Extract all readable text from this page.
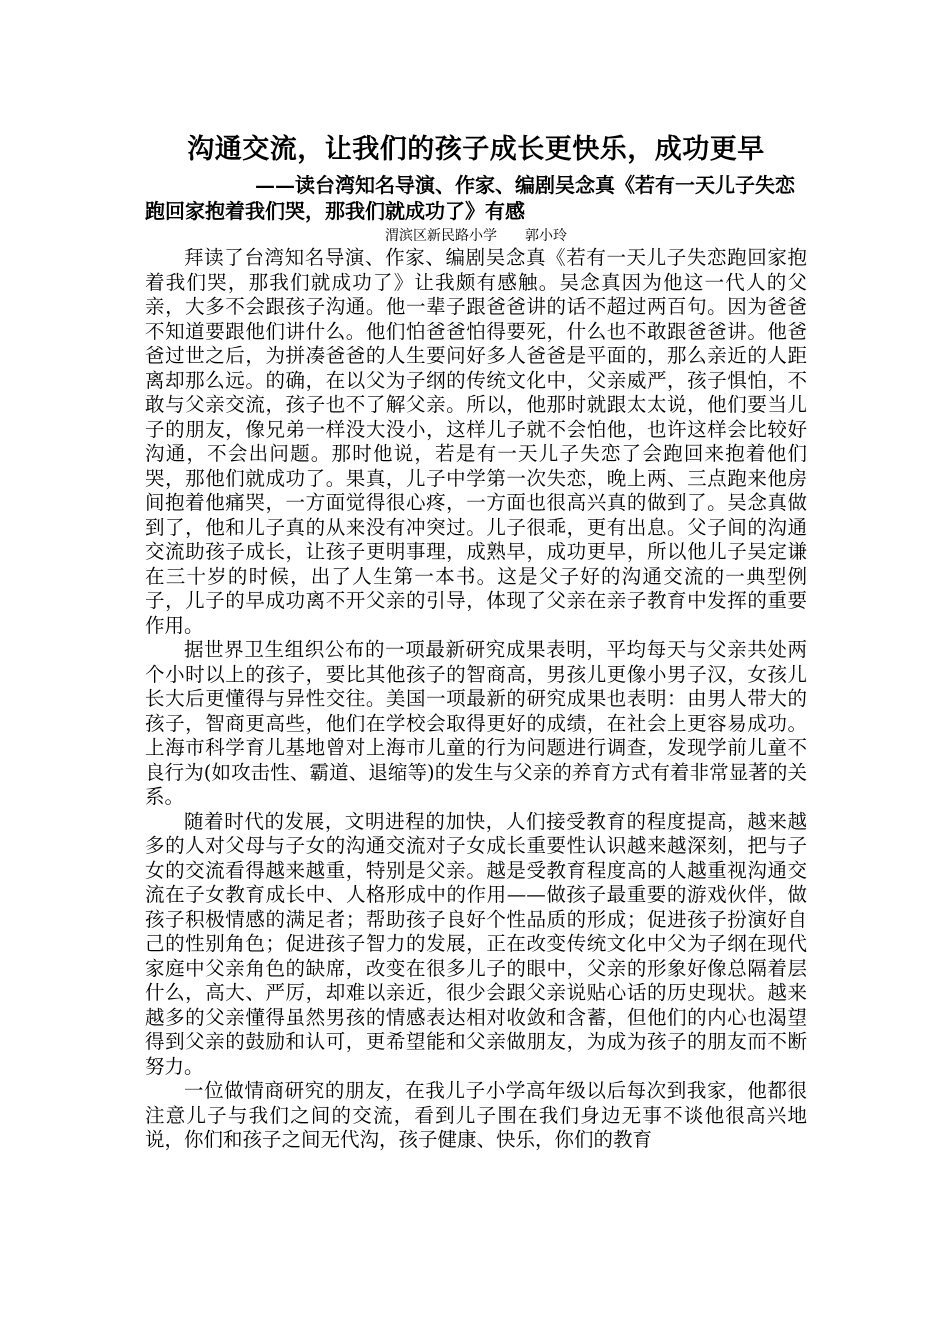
沟通交流，让我们的孩子成长更快乐，成功更早

——读台湾知名导演、作家、编剧吴念真《若有一天儿子失恋跑回家抱着我们哭，那我们就成功了》有感

渭滨区新民路小学 郭小玲

拜读了台湾知名导演、作家、编剧吴念真《若有一天儿子失恋跑回家抱着我们哭，那我们就成功了》让我颇有感触。吴念真因为他这一代人的父亲，大多不会跟孩子沟通。他一辈子跟爸爸讲的话不超过两百句。因为爸爸不知道要跟他们讲什么。他们怕爸爸怕得要死，什么也不敢跟爸爸讲。他爸爸过世之后，为拼凑爸爸的人生要问好多人爸爸是平面的，那么亲近的人距离却那么远。的确，在以父为子纲的传统文化中，父亲威严，孩子惧怕，不敢与父亲交流，孩子也不了解父亲。所以，他那时就跟太太说，他们要当儿子的朋友，像兄弟一样没大没小，这样儿子就不会怕他，也许这样会比较好沟通，不会出问题。那时他说，若是有一天儿子失恋了会跑回来抱着他们哭，那他们就成功了。果真，儿子中学第一次失恋，晚上两、三点跑来他房间抱着他痛哭，一方面觉得很心疼，一方面也很高兴真的做到了。吴念真做到了，他和儿子真的从来没有冲突过。儿子很乖，更有出息。父子间的沟通交流助孩子成长，让孩子更明事理，成熟早，成功更早，所以他儿子吴定谦在三十岁的时候，出了人生第一本书。这是父子好的沟通交流的一典型例子，儿子的早成功离不开父亲的引导，体现了父亲在亲子教育中发挥的重要作用。

据世界卫生组织公布的一项最新研究成果表明，平均每天与父亲共处两个小时以上的孩子，要比其他孩子的智商高，男孩儿更像小男子汉，女孩儿长大后更懂得与异性交往。美国一项最新的研究成果也表明：由男人带大的孩子，智商更高些，他们在学校会取得更好的成绩，在社会上更容易成功。上海市科学育儿基地曾对上海市儿童的行为问题进行调查，发现学前儿童不良行为(如攻击性、霸道、退缩等)的发生与父亲的养育方式有着非常显著的关系。

随着时代的发展，文明进程的加快，人们接受教育的程度提高，越来越多的人对父母与子女的沟通交流对子女成长重要性认识越来越深刻，把与子女的交流看得越来越重，特别是父亲。越是受教育程度高的人越重视沟通交流在子女教育成长中、人格形成中的作用——做孩子最重要的游戏伙伴，做孩子积极情感的满足者；帮助孩子良好个性品质的形成；促进孩子扮演好自己的性别角色；促进孩子智力的发展，正在改变传统文化中父为子纲在现代家庭中父亲角色的缺席，改变在很多儿子的眼中，父亲的形象好像总隔着层什么，高大、严厉，却难以亲近，很少会跟父亲说贴心话的历史现状。越来越多的父亲懂得虽然男孩的情感表达相对收敛和含蓄，但他们的内心也渴望得到父亲的鼓励和认可，更希望能和父亲做朋友，为成为孩子的朋友而不断努力。

一位做情商研究的朋友，在我儿子小学高年级以后每次到我家，他都很注意儿子与我们之间的交流，看到儿子围在我们身边无事不谈他很高兴地说，你们和孩子之间无代沟，孩子健康、快乐，你们的教育
